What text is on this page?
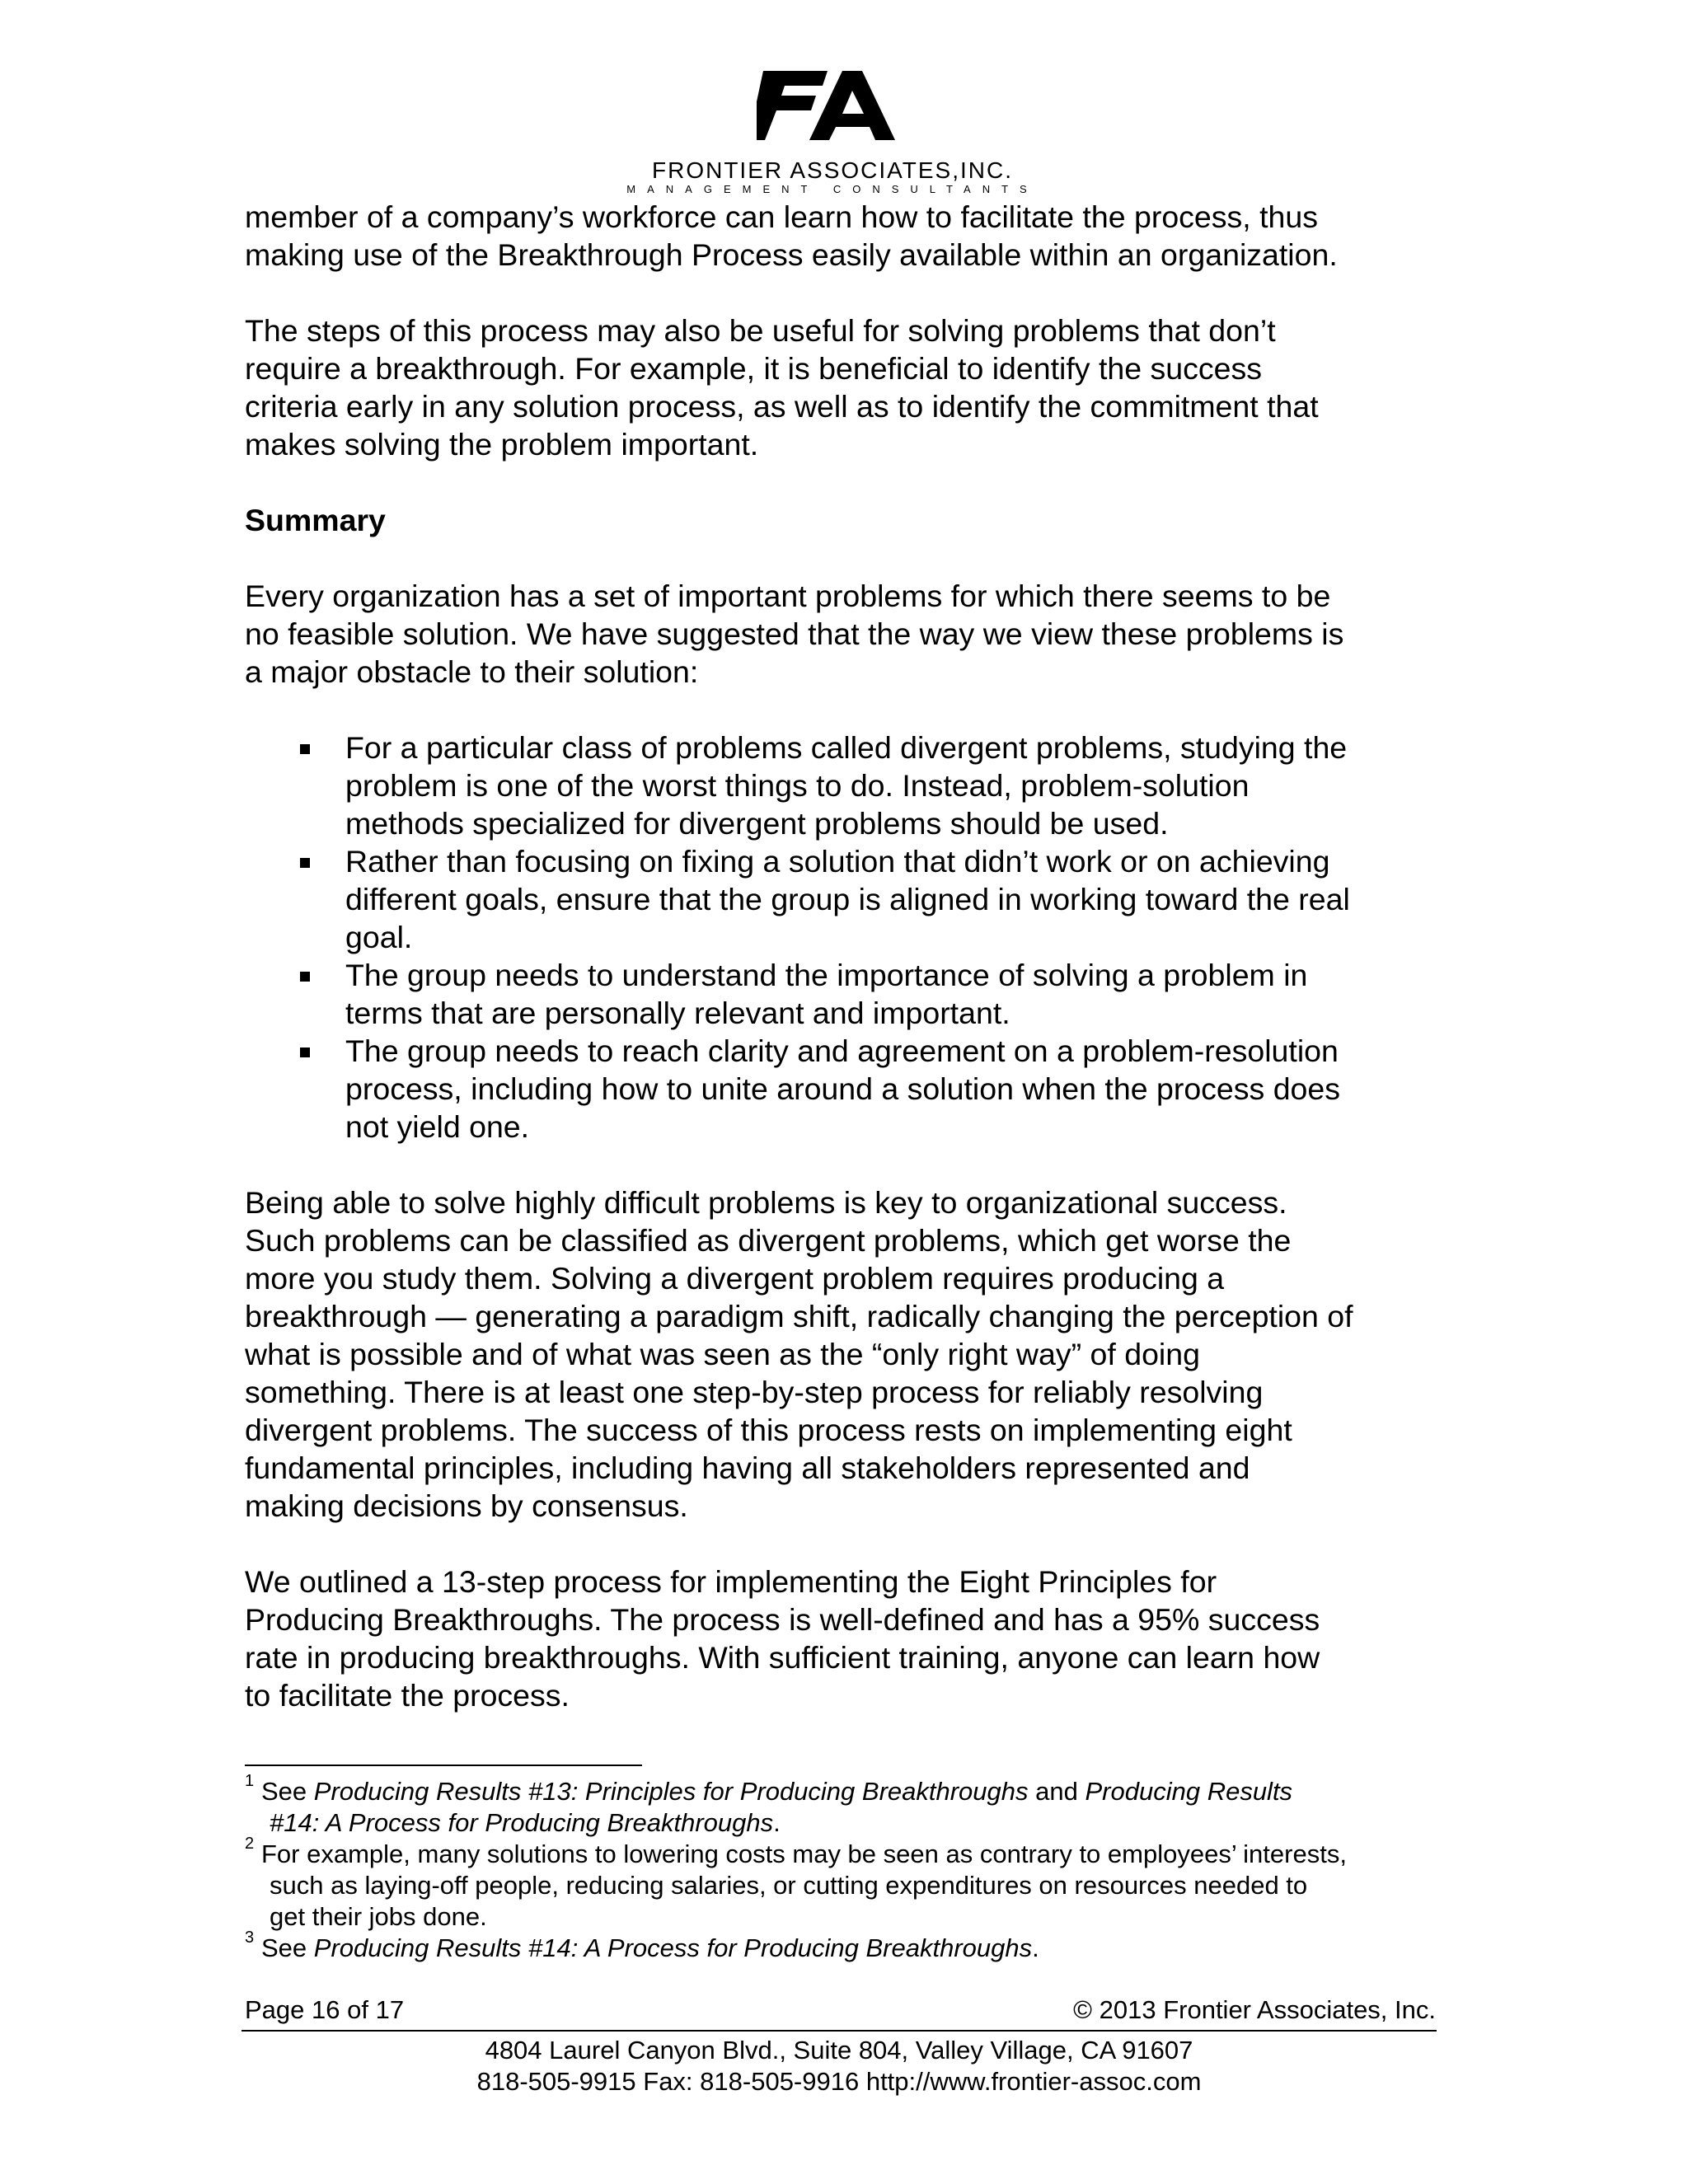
FRONTIER ASSOCIATES,INC.
MANAGEMENT CONSULTANTS
member of a company’s workforce can learn how to facilitate the process, thus
making use of the Breakthrough Process easily available within an organization.
The steps of this process may also be useful for solving problems that don’t
require a breakthrough. For example, it is beneficial to identify the success
criteria early in any solution process, as well as to identify the commitment that
makes solving the problem important.
Summary
Every organization has a set of important problems for which there seems to be
no feasible solution. We have suggested that the way we view these problems is
a major obstacle to their solution:
For a particular class of problems called divergent problems, studying the
problem is one of the worst things to do. Instead, problem-solution
methods specialized for divergent problems should be used.
Rather than focusing on fixing a solution that didn’t work or on achieving
different goals, ensure that the group is aligned in working toward the real
goal.
The group needs to understand the importance of solving a problem in
terms that are personally relevant and important.
The group needs to reach clarity and agreement on a problem-resolution
process, including how to unite around a solution when the process does
not yield one.
Being able to solve highly difficult problems is key to organizational success.
Such problems can be classified as divergent problems, which get worse the
more you study them. Solving a divergent problem requires producing a
breakthrough — generating a paradigm shift, radically changing the perception of
what is possible and of what was seen as the “only right way” of doing
something. There is at least one step-by-step process for reliably resolving
divergent problems. The success of this process rests on implementing eight
fundamental principles, including having all stakeholders represented and
making decisions by consensus.
We outlined a 13-step process for implementing the Eight Principles for
Producing Breakthroughs. The process is well-defined and has a 95% success
rate in producing breakthroughs. With sufficient training, anyone can learn how
to facilitate the process.
1 See Producing Results #13: Principles for Producing Breakthroughs and Producing Results
#14: A Process for Producing Breakthroughs.
2 For example, many solutions to lowering costs may be seen as contrary to employees’ interests,
such as laying-off people, reducing salaries, or cutting expenditures on resources needed to
get their jobs done.
3 See Producing Results #14: A Process for Producing Breakthroughs.
Page 16 of 17	© 2013 Frontier Associates, Inc.
4804 Laurel Canyon Blvd., Suite 804, Valley Village, CA 91607
818-505-9915 Fax: 818-505-9916 http://www.frontier-assoc.com
